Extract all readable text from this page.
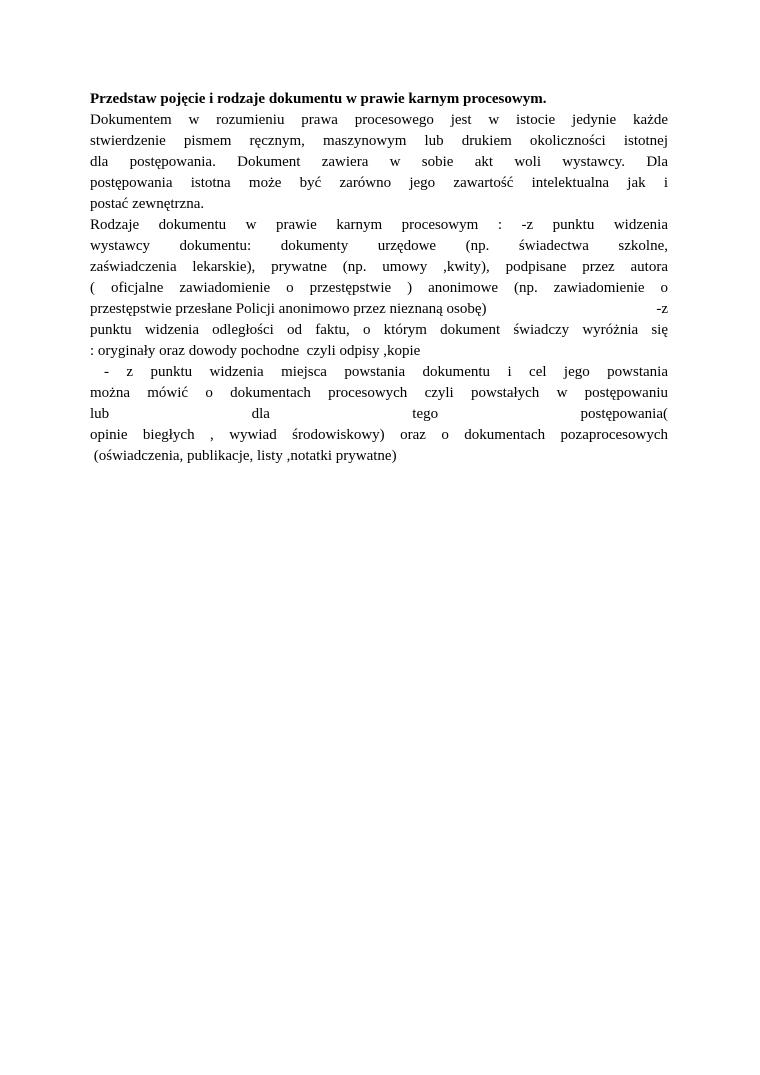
Przedstaw pojęcie i rodzaje dokumentu w prawie karnym procesowym.
Dokumentem w rozumieniu prawa procesowego jest w istocie jedynie każde
stwierdzenie pismem ręcznym, maszynowym lub drukiem okoliczności istotnej
dla postępowania. Dokument zawiera w sobie akt woli wystawcy. Dla
postępowania istotna może być zarówno jego zawartość intelektualna jak i
postać zewnętrzna.
Rodzaje dokumentu w prawie karnym procesowym : -z punktu widzenia
wystawcy dokumentu: dokumenty urzędowe (np. świadectwa szkolne,
zaświadczenia lekarskie), prywatne (np. umowy ,kwity), podpisane przez autora
( oficjalne zawiadomienie o przestępstwie ) anonimowe (np. zawiadomienie o
przestępstwie przesłane Policji anonimowo przez nieznaną osobę)	-z
punktu widzenia odległości od faktu, o którym dokument świadczy wyróżnia się
: oryginały oraz dowody pochodne  czyli odpisy ,kopie
- z punktu widzenia miejsca powstania dokumentu i cel jego powstania
można mówić o dokumentach procesowych czyli powstałych w postępowaniu
lub dla tego postępowania(
opinie biegłych , wywiad środowiskowy) oraz o dokumentach pozaprocesowych
(oświadczenia, publikacje, listy ,notatki prywatne)
